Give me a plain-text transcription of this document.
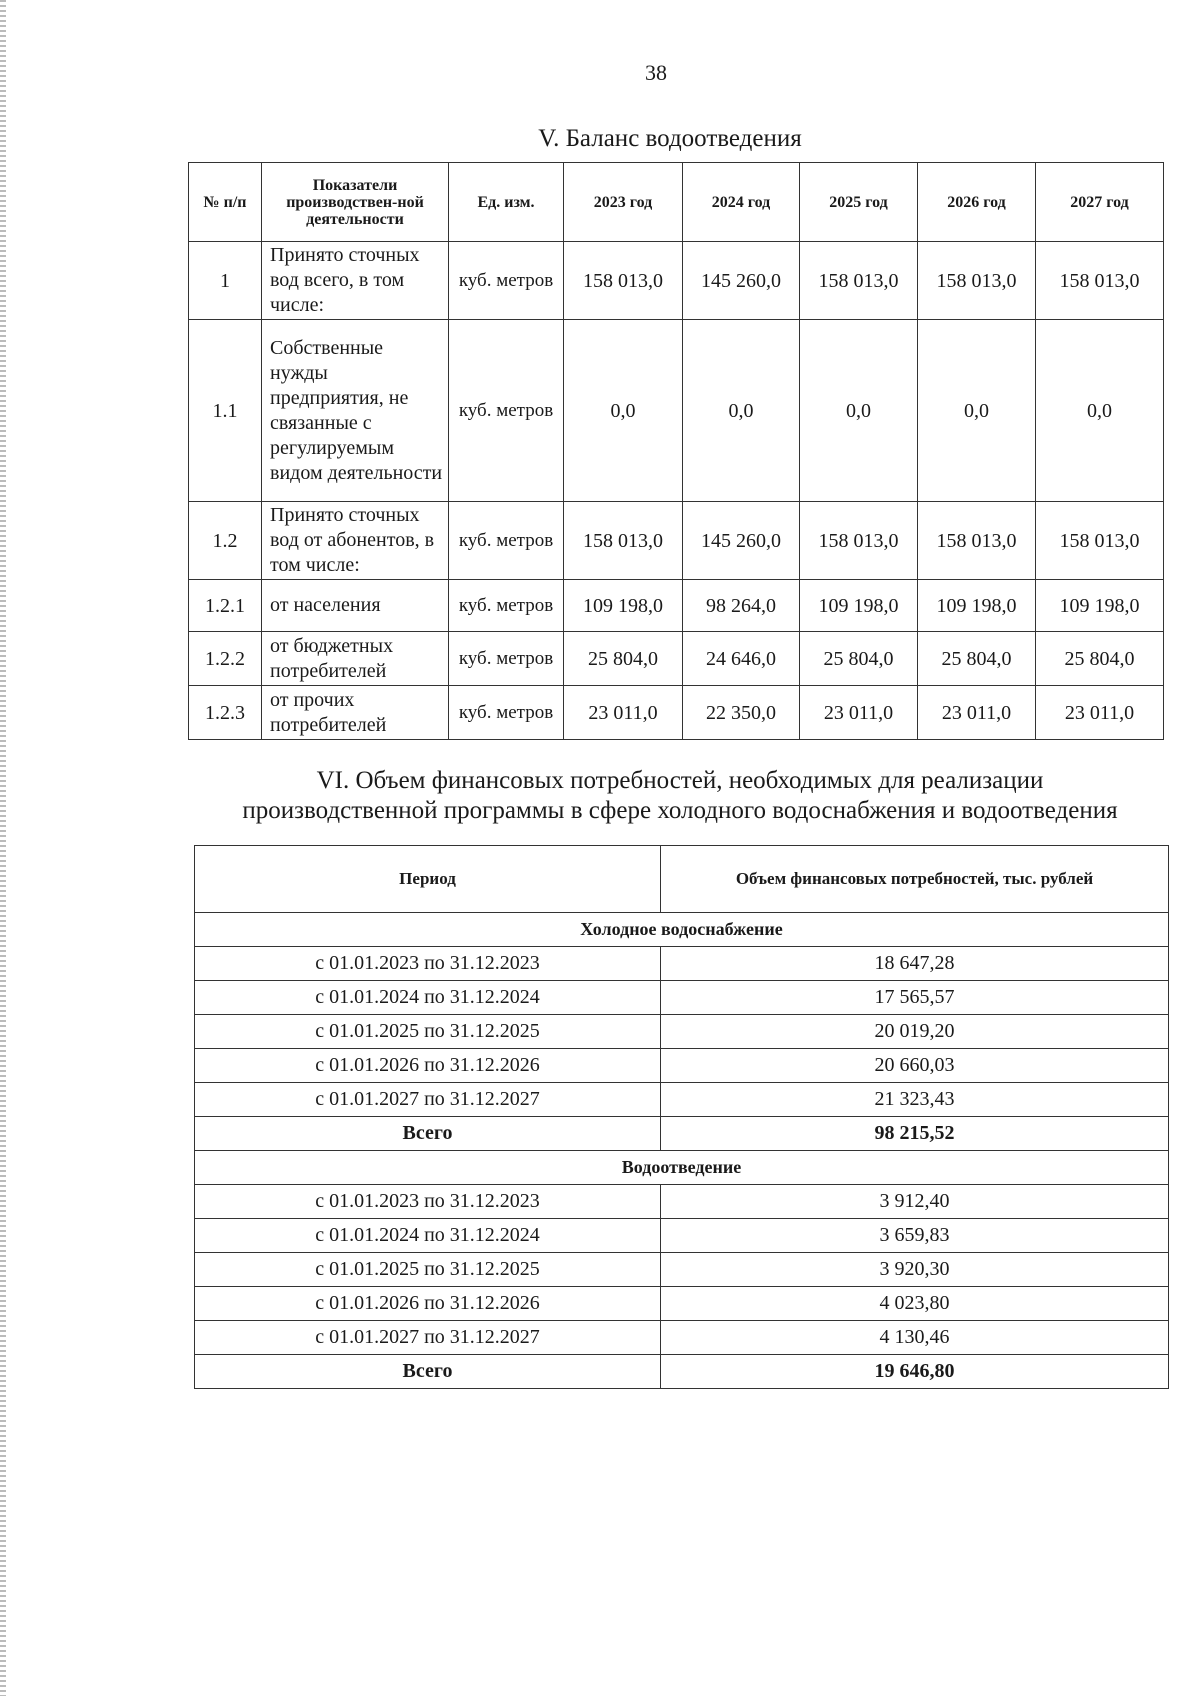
38
V. Баланс водоотведения
№ п/п	Показатели производствен-ной деятельности	Ед. изм.	2023 год	2024 год	2025 год	2026 год	2027 год
1	Принято сточных вод всего, в том числе:	куб. метров	158 013,0	145 260,0	158 013,0	158 013,0	158 013,0
1.1	Собственные нужды предприятия, не связанные с регулируемым видом деятельности	куб. метров	0,0	0,0	0,0	0,0	0,0
1.2	Принято сточных вод от абонентов, в том числе:	куб. метров	158 013,0	145 260,0	158 013,0	158 013,0	158 013,0
1.2.1	от населения	куб. метров	109 198,0	98 264,0	109 198,0	109 198,0	109 198,0
1.2.2	от бюджетных потребителей	куб. метров	25 804,0	24 646,0	25 804,0	25 804,0	25 804,0
1.2.3	от прочих потребителей	куб. метров	23 011,0	22 350,0	23 011,0	23 011,0	23 011,0
VI. Объем финансовых потребностей, необходимых для реализации
производственной программы в сфере холодного водоснабжения и водоотведения
Период	Объем финансовых потребностей, тыс. рублей
Холодное водоснабжение	
с 01.01.2023 по 31.12.2023	18 647,28
с 01.01.2024 по 31.12.2024	17 565,57
с 01.01.2025 по 31.12.2025	20 019,20
с 01.01.2026 по 31.12.2026	20 660,03
с 01.01.2027 по 31.12.2027	21 323,43
Всего	98 215,52
Водоотведение	
с 01.01.2023 по 31.12.2023	3 912,40
с 01.01.2024 по 31.12.2024	3 659,83
с 01.01.2025 по 31.12.2025	3 920,30
с 01.01.2026 по 31.12.2026	4 023,80
с 01.01.2027 по 31.12.2027	4 130,46
Всего	19 646,80
